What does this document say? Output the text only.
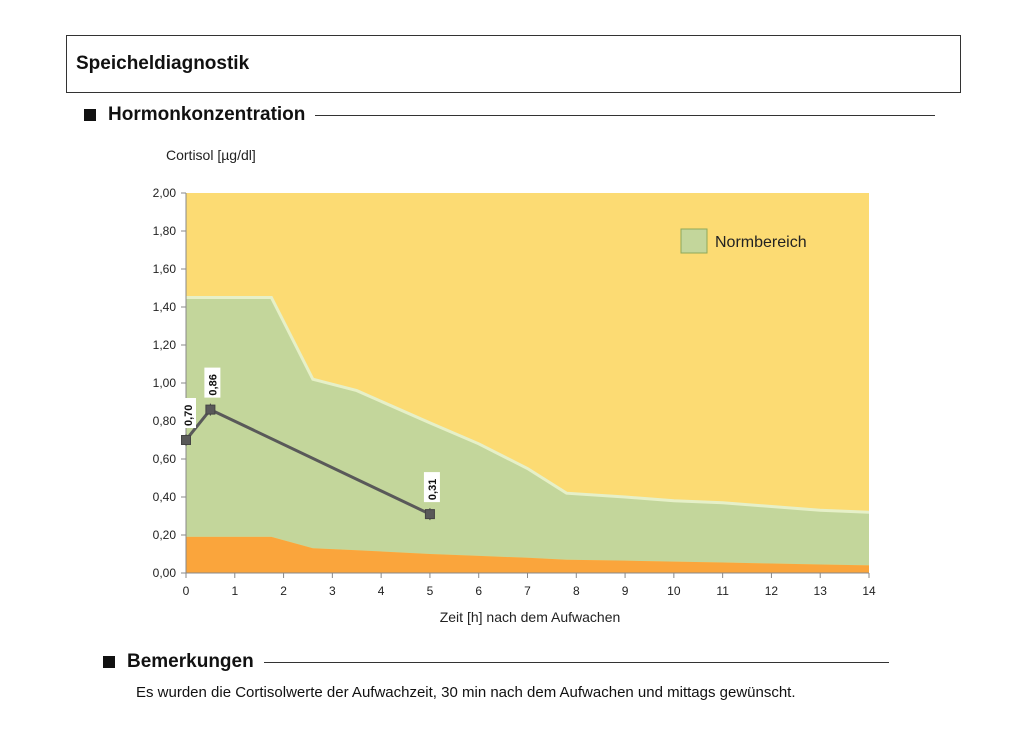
Speicheldiagnostik
Hormonkonzentration
0,00
0,20
0,40
0,60
0,80
1,00
1,20
1,40
1,60
1,80
2,00
0	1	2	3	4	5	6	7	8	9	10	11	12	13	14
0,70
0,86
0,31
Normbereich
Cortisol [µg/dl]
Zeit [h] nach dem Aufwachen
Bemerkungen
Es wurden die Cortisolwerte der Aufwachzeit, 30 min nach dem Aufwachen und mittags gewünscht.
